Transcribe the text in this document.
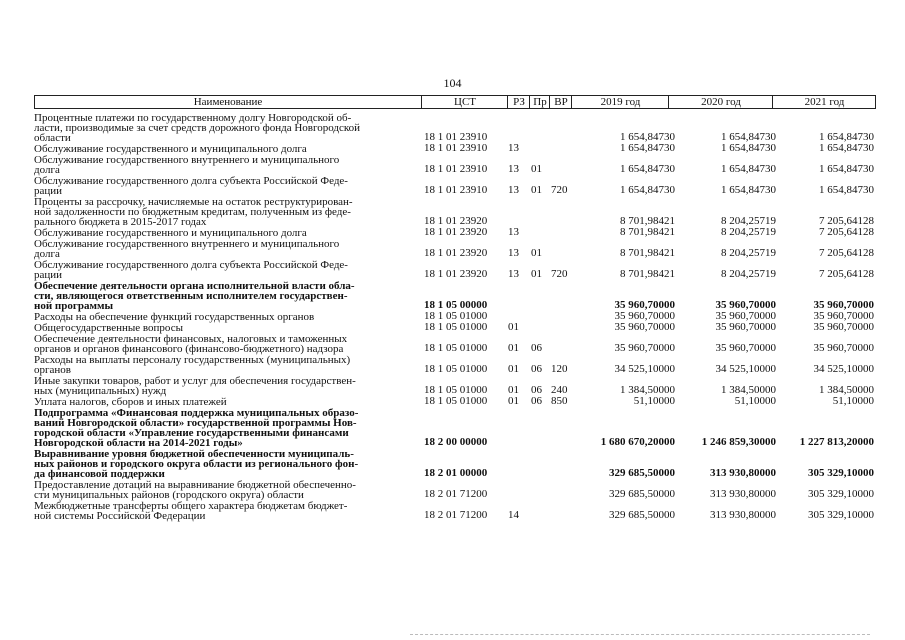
104
Наименование	ЦСТ	РЗ Пр ВР	2019 год	2020 год	2021 год
Процентные платежи по государственному долгу Новгородской об-
ласти, производимые за счет средств дорожного фонда Новгородской
области	18 1 01 23910	1 654,84730	1 654,84730	1 654,84730
Обслуживание государственного и муниципального долга	18 1 01 23910 13	1 654,84730	1 654,84730	1 654,84730
Обслуживание государственного внутреннего и муниципального
долга	18 1 01 23910 13 01	1 654,84730	1 654,84730	1 654,84730
Обслуживание государственного долга субъекта Российской Феде-
рации	18 1 01 23910 13 01 720	1 654,84730	1 654,84730	1 654,84730
Проценты за рассрочку, начисляемые на остаток реструктурирован-
ной задолженности по бюджетным кредитам, полученным из феде-
рального бюджета в 2015-2017 годах	18 1 01 23920	8 701,98421	8 204,25719	7 205,64128
Обслуживание государственного и муниципального долга	18 1 01 23920 13	8 701,98421	8 204,25719	7 205,64128
Обслуживание государственного внутреннего и муниципального
долга	18 1 01 23920 13 01	8 701,98421	8 204,25719	7 205,64128
Обслуживание государственного долга субъекта Российской Феде-
рации	18 1 01 23920 13 01 720	8 701,98421	8 204,25719	7 205,64128
Обеспечение деятельности органа исполнительной власти обла-
сти, являющегося ответственным исполнителем государствен-
ной программы	18 1 05 00000	35 960,70000	35 960,70000	35 960,70000
Расходы на обеспечение функций государственных органов	18 1 05 01000	35 960,70000	35 960,70000	35 960,70000
Общегосударственные вопросы	18 1 05 01000 01	35 960,70000	35 960,70000	35 960,70000
Обеспечение деятельности финансовых, налоговых и таможенных
органов и органов финансового (финансово-бюджетного) надзора	18 1 05 01000 01 06	35 960,70000	35 960,70000	35 960,70000
Расходы на выплаты персоналу государственных (муниципальных)
органов	18 1 05 01000 01 06 120	34 525,10000	34 525,10000	34 525,10000
Иные закупки товаров, работ и услуг для обеспечения государствен-
ных (муниципальных) нужд	18 1 05 01000 01 06 240	1 384,50000	1 384,50000	1 384,50000
Уплата налогов, сборов и иных платежей	18 1 05 01000 01 06 850	51,10000	51,10000	51,10000
Подпрограмма «Финансовая поддержка муниципальных образо-
ваний Новгородской области» государственной программы Нов-
городской области «Управление государственными финансами
Новгородской области на 2014-2021 годы»	18 2 00 00000	1 680 670,20000 1 246 859,30000 1 227 813,20000
Выравнивание уровня бюджетной обеспеченности муниципаль-
ных районов и городского округа области из регионального фон-
да финансовой поддержки	18 2 01 00000	329 685,50000	313 930,80000	305 329,10000
Предоставление дотаций на выравнивание бюджетной обеспеченно-
сти муниципальных районов (городского округа) области	18 2 01 71200	329 685,50000	313 930,80000	305 329,10000
Межбюджетные трансферты общего характера бюджетам бюджет-
ной системы Российской Федерации	18 2 01 71200 14	329 685,50000	313 930,80000	305 329,10000
